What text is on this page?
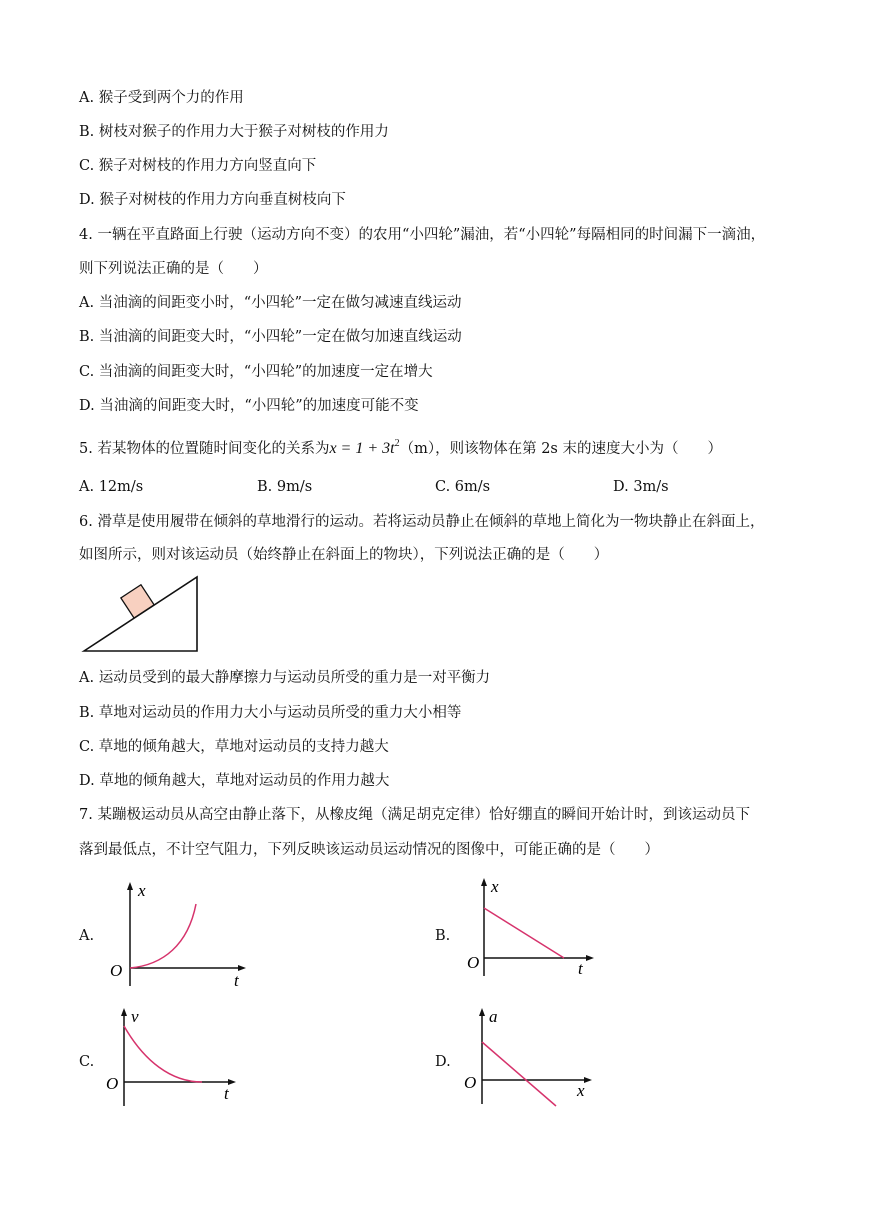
A. 猴子受到两个力的作用
B. 树枝对猴子的作用力大于猴子对树枝的作用力
C. 猴子对树枝的作用力方向竖直向下
D. 猴子对树枝的作用力方向垂直树枝向下
4. 一辆在平直路面上行驶（运动方向不变）的农用“小四轮”漏油，若“小四轮”每隔相同的时间漏下一滴油，
则下列说法正确的是（　　）
A. 当油滴的间距变小时，“小四轮”一定在做匀减速直线运动
B. 当油滴的间距变大时，“小四轮”一定在做匀加速直线运动
C. 当油滴的间距变大时，“小四轮”的加速度一定在增大
D. 当油滴的间距变大时，“小四轮”的加速度可能不变
5. 若某物体的位置随时间变化的关系为$x = 1 + 3t^2(m)$，则该物体在第 2s 末的速度大小为（　　）
A. 12m/s	B. 9m/s	C. 6m/s	D. 3m/s
6. 滑草是使用履带在倾斜的草地滑行的运动。若将运动员静止在倾斜的草地上简化为一物块静止在斜面上，
如图所示，则对该运动员（始终静止在斜面上的物块），下列说法正确的是（　　）
A. 运动员受到的最大静摩擦力与运动员所受的重力是一对平衡力
B. 草地对运动员的作用力大小与运动员所受的重力大小相等
C. 草地的倾角越大，草地对运动员的支持力越大
D. 草地的倾角越大，草地对运动员的作用力越大
7. 某蹦极运动员从高空由静止落下，从橡皮绳（满足胡克定律）恰好绷直的瞬间开始计时，到该运动员下
落到最低点，不计空气阻力，下列反映该运动员运动情况的图像中，可能正确的是（　　）
A.
x
t
O
B.
x
t
O
C.
v
t
O
D.
a
x
O
